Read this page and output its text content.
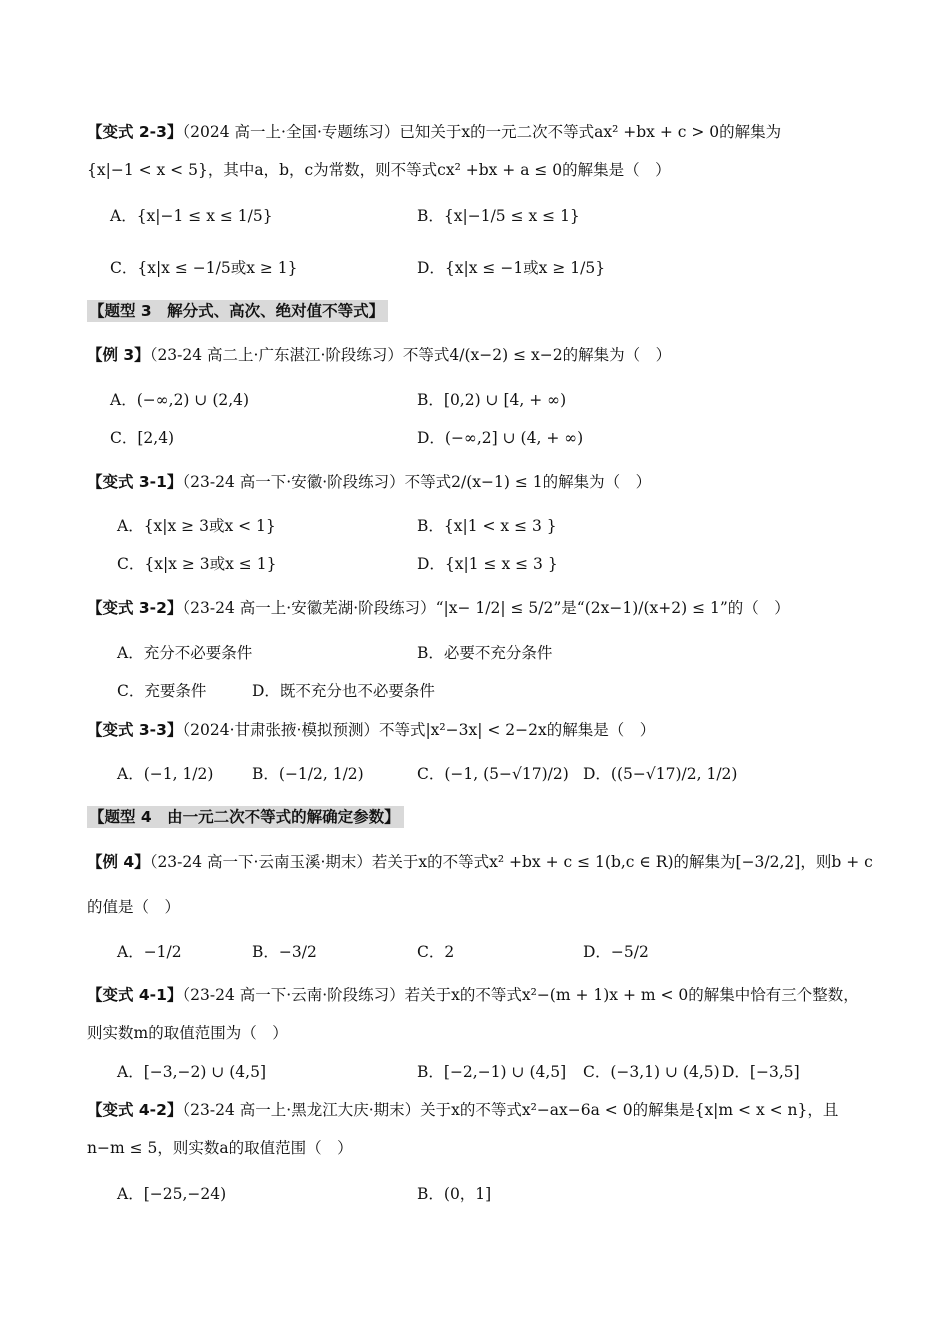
【变式 2-3】（2024 高一上·全国·专题练习）已知关于x的一元二次不等式ax² +bx + c > 0的解集为
{x|−1 < x < 5}，其中a，b，c为常数，则不等式cx² +bx + a ≤ 0的解集是（　）
A．{x|−1 ≤ x ≤ 1/5}	B．{x|−1/5 ≤ x ≤ 1}
C．{x|x ≤ −1/5或x ≥ 1}	D．{x|x ≤ −1或x ≥ 1/5}
【题型 3　解分式、高次、绝对值不等式】
【例 3】（23-24 高二上·广东湛江·阶段练习）不等式4/(x−2) ≤ x−2的解集为（　）
A．(−∞,2) ∪ (2,4)	B．[0,2) ∪ [4, + ∞)
C．[2,4)	D．(−∞,2] ∪ (4, + ∞)
【变式 3-1】（23-24 高一下·安徽·阶段练习）不等式2/(x−1) ≤ 1的解集为（　）
A．{x|x ≥ 3或x < 1}	B．{x|1 < x ≤ 3 }
C．{x|x ≥ 3或x ≤ 1}	D．{x|1 ≤ x ≤ 3 }
【变式 3-2】（23-24 高一上·安徽芜湖·阶段练习）“|x− 1/2| ≤ 5/2”是“(2x−1)/(x+2) ≤ 1”的（　）
A．充分不必要条件	B．必要不充分条件
C．充要条件	D．既不充分也不必要条件
【变式 3-3】（2024·甘肃张掖·模拟预测）不等式|x²−3x| < 2−2x的解集是（　）
A．(−1, 1/2) B．(−1/2, 1/2)	C．(−1, (5−√17)/2) D．((5−√17)/2, 1/2)
【题型 4　由一元二次不等式的解确定参数】
【例 4】（23-24 高一下·云南玉溪·期末）若关于x的不等式x² +bx + c ≤ 1(b,c ∈ R)的解集为[−3/2,2]，则b + c
的值是（　）
A．−1/2	B．−3/2	C．2	D．−5/2
【变式 4-1】（23-24 高一下·云南·阶段练习）若关于x的不等式x²−(m + 1)x + m < 0的解集中恰有三个整数，
则实数m的取值范围为（　）
A．[−3,−2) ∪ (4,5]	B．[−2,−1) ∪ (4,5] C．(−3,1) ∪ (4,5) D．[−3,5]
【变式 4-2】（23-24 高一上·黑龙江大庆·期末）关于x的不等式x²−ax−6a < 0的解集是{x|m < x < n}，且
n−m ≤ 5，则实数a的取值范围（　）
A．[−25,−24)	B．(0，1]
